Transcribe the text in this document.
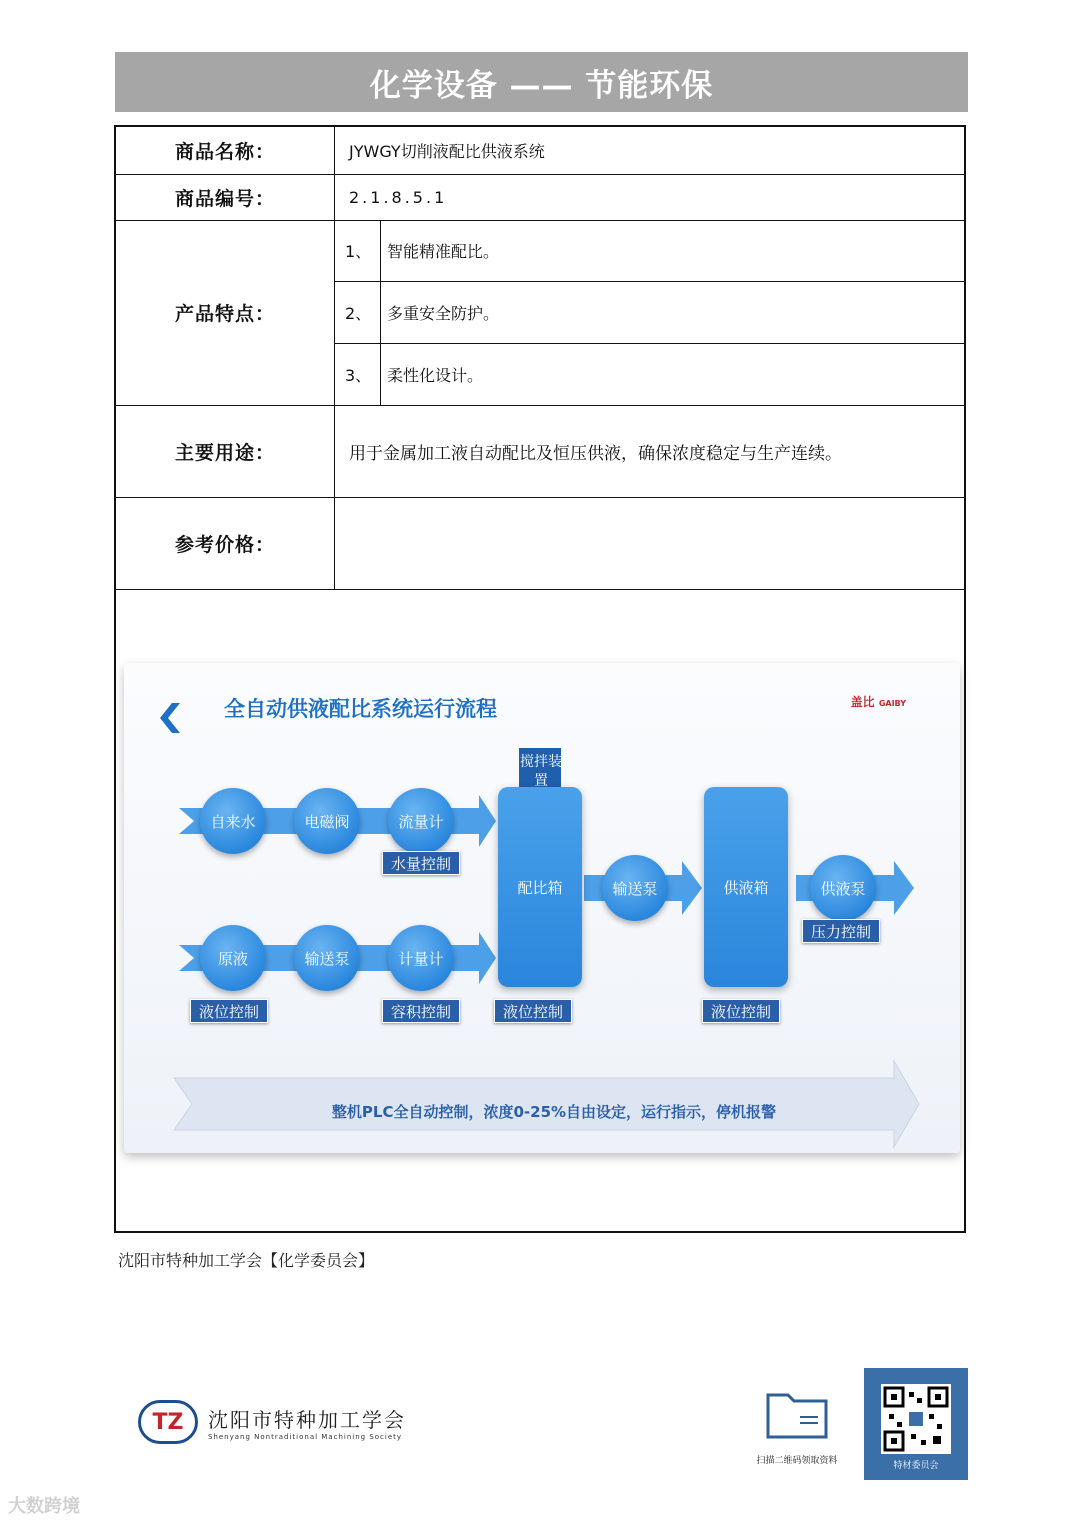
化学设备 —— 节能环保
商品名称：	JYWGY切削液配比供液系统
商品编号：	2.1.8.5.1
产品特点：
1、 智能精准配比。
2、 多重安全防护。
3、 柔性化设计。
主要用途：	用于金属加工液自动配比及恒压供液，确保浓度稳定与生产连续。
参考价格：
全自动供液配比系统运行流程	盖比 GAIBY
自来水	电磁阀	流量计
水量控制
原液	输送泵	计量计
液位控制	容积控制
配比箱
搅拌装置
液位控制
输送泵	供液箱
液位控制
供液泵
压力控制
整机PLC全自动控制，浓度0-25%自由设定，运行指示，停机报警
沈阳市特种加工学会【化学委员会】
TZ	沈阳市特种加工学会
Shenyang Nontraditional Machining Society
扫描二维码领取资料	特材委员会
大数跨境
